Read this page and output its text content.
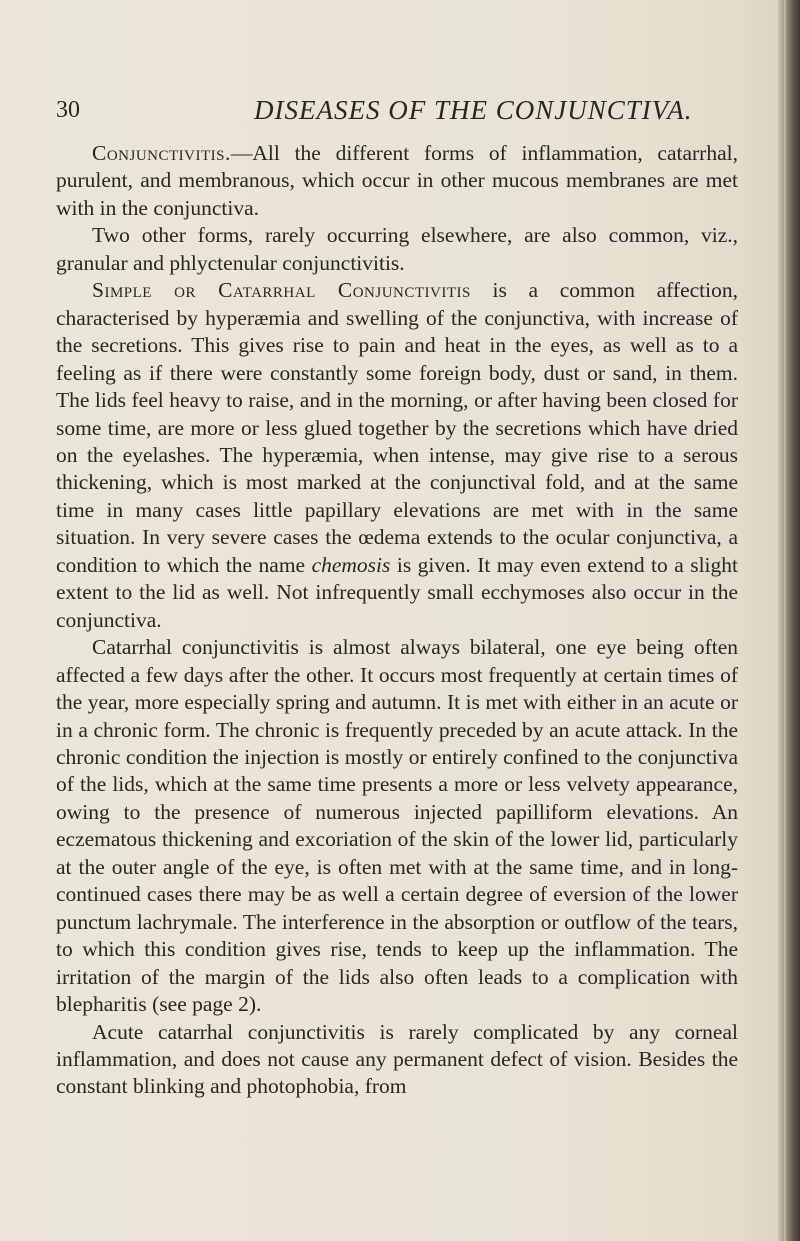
30	DISEASES OF THE CONJUNCTIVA.

Conjunctivitis.—All the different forms of inflammation, catarrhal, purulent, and membranous, which occur in other mucous membranes are met with in the conjunctiva.

Two other forms, rarely occurring elsewhere, are also common, viz., granular and phlyctenular conjunctivitis.

Simple or Catarrhal Conjunctivitis is a common affection, characterised by hyperæmia and swelling of the conjunctiva, with increase of the secretions. This gives rise to pain and heat in the eyes, as well as to a feeling as if there were constantly some foreign body, dust or sand, in them. The lids feel heavy to raise, and in the morning, or after having been closed for some time, are more or less glued together by the secretions which have dried on the eyelashes. The hyperæmia, when intense, may give rise to a serous thickening, which is most marked at the conjunctival fold, and at the same time in many cases little papillary elevations are met with in the same situation. In very severe cases the œdema extends to the ocular conjunctiva, a condition to which the name chemosis is given. It may even extend to a slight extent to the lid as well. Not infrequently small ecchymoses also occur in the conjunctiva.

Catarrhal conjunctivitis is almost always bilateral, one eye being often affected a few days after the other. It occurs most frequently at certain times of the year, more especially spring and autumn. It is met with either in an acute or in a chronic form. The chronic is frequently preceded by an acute attack. In the chronic condition the injection is mostly or entirely confined to the conjunctiva of the lids, which at the same time presents a more or less velvety appearance, owing to the presence of numerous injected papilliform elevations. An eczematous thickening and excoriation of the skin of the lower lid, particularly at the outer angle of the eye, is often met with at the same time, and in long-continued cases there may be as well a certain degree of eversion of the lower punctum lachrymale. The interference in the absorption or outflow of the tears, to which this condition gives rise, tends to keep up the inflammation. The irritation of the margin of the lids also often leads to a complication with blepharitis (see page 2).

Acute catarrhal conjunctivitis is rarely complicated by any corneal inflammation, and does not cause any permanent defect of vision. Besides the constant blinking and photophobia, from
